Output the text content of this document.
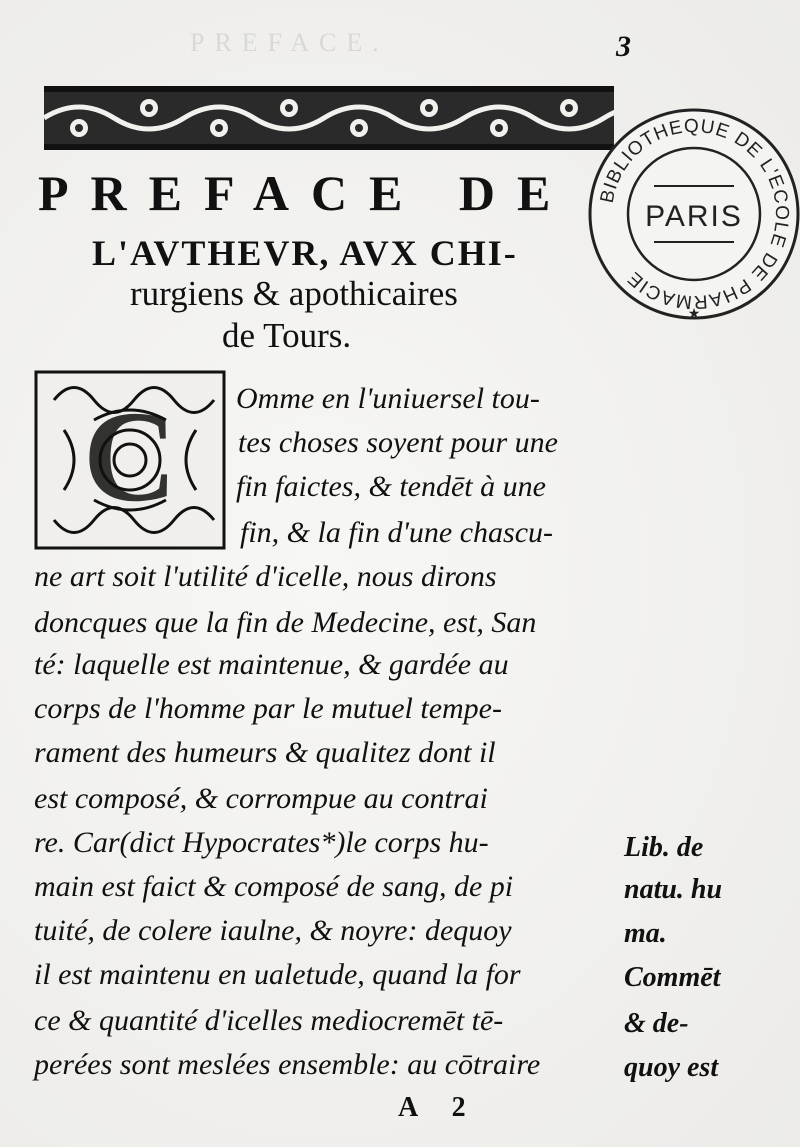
PREFACE.	3
BIBLIOTHEQUE DE L'ECOLE DE PHARMACIE
PARIS
★
PREFACE DE
L'AVTHEVR, AVX CHI-
rurgiens & apothicaires
de Tours.
C Omme en l'uniuersel tou-
tes choses soyent pour une
fin faictes, & tendēt à une
fin, & la fin d'une chascu-
ne art soit l'utilité d'icelle, nous dirons
doncques que la fin de Medecine, est, San
té: laquelle est maintenue, & gardée au
corps de l'homme par le mutuel tempe-
rament des humeurs & qualitez dont il
est composé, & corrompue au contrai
re. Car(dict Hypocrates*)le corps hu-
main est faict & composé de sang, de pi
tuité, de colere iaulne, & noyre: dequoy
il est maintenu en ualetude, quand la for
ce & quantité d'icelles mediocremēt tē-
perées sont meslées ensemble: au cōtraire
Lib. de
natu. hu
ma.
Commēt
& de-
quoy est
A 2
